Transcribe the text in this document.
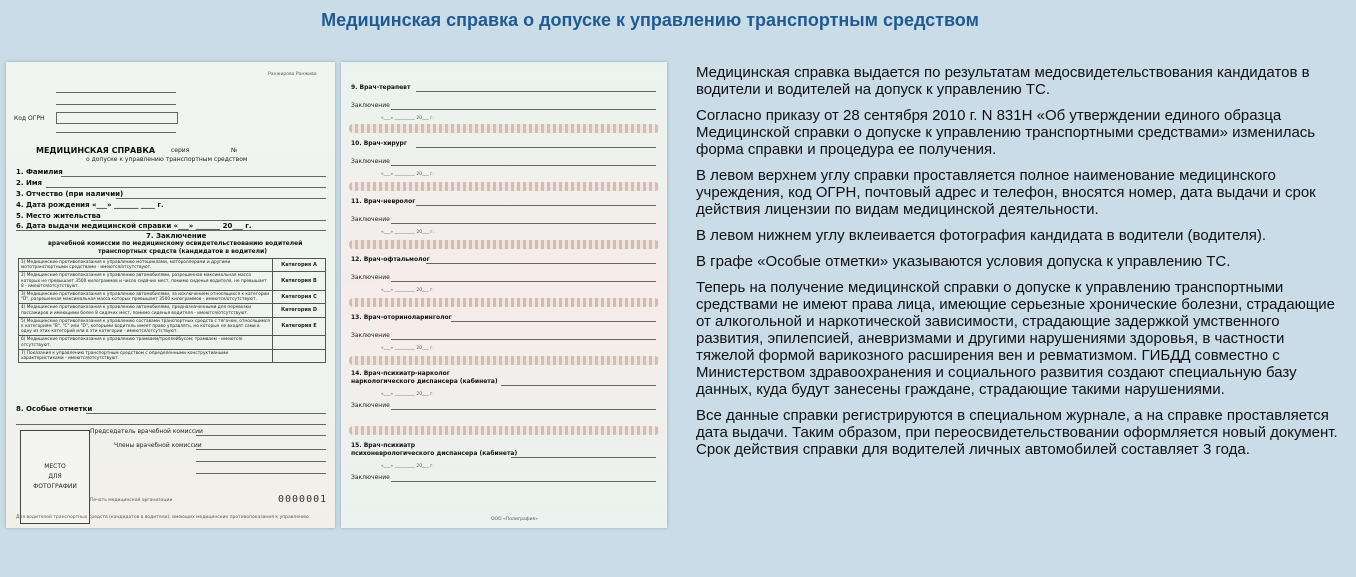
Медицинская справка о допуске к управлению транспортным средством
Ранжирова Ранжива
Код ОГРН
МЕДИЦИНСКАЯ СПРАВКА	серия	№
о допуске к управлению транспортным средством
1. Фамилия
2. Имя
3. Отчество (при наличии)
4. Дата рождения «___» _______ ____ г.
5. Место жительства
6. Дата выдачи медицинской справки «___» _______ 20___ г.
7. Заключение
врачебной комиссии по медицинскому освидетельствованию водителей
транспортных средств (кандидатов в водители)
1) Медицинские противопоказания к управлению мотоциклами, мотороллерами и другими мототранспортными средствами - имеются/отсутствуют.	Категория А
2) Медицинские противопоказания к управлению автомобилями, разрешенная максимальная масса которых не превышает 3500 килограммов и число сидячих мест, помимо сиденья водителя, не превышает 8 - имеются/отсутствуют.	Категория В
3) Медицинские противопоказания к управлению автомобилями, за исключением относящихся к категории "D", разрешенная максимальная масса которых превышает 3500 килограммов - имеются/отсутствуют.	Категория С
4) Медицинские противопоказания к управлению автомобилями, предназначенными для перевозки пассажиров и имеющими более 8 сидячих мест, помимо сиденья водителя - имеются/отсутствуют.	Категория D
5) Медицинские противопоказания к управлению составами транспортных средств с тягачом, относящимся к категориям "В", "С" или "D", которыми водитель имеет право управлять, но которые не входят сами в одну из этих категорий или в эти категории - имеются/отсутствуют.	Категория Е
6) Медицинские противопоказания к управлению трамваем/троллейбусом; трамваем - имеются/отсутствуют.	
7) Показания к управлению транспортным средством с определенными конструктивными характеристиками - имеются/отсутствуют.	
8. Особые отметки
Председатель врачебной комиссии
Члены врачебной комиссии
МЕСТО
ДЛЯ
ФОТОГРАФИИ
Печать медицинской организации	0000001
Для водителей транспортных средств (кандидатов в водители), имеющих медицинские противопоказания к управлению
9. Врач-терапевт
Заключение
«___» _________ 20___ г.
10. Врач-хирург
Заключение
«___» _________ 20___ г.
11. Врач-невролог
Заключение
«___» _________ 20___ г.
12. Врач-офтальмолог
Заключение
«___» _________ 20___ г.
13. Врач-оториноларинголог
Заключение
«___» _________ 20___ г.
14. Врач-психиатр-нарколог
наркологического диспансера (кабинета)
«___» _________ 20___ г.
Заключение
15. Врач-психиатр
психоневрологического диспансера (кабинета)
«___» _________ 20___ г.
Заключение
ООО «Полиграфия»

Медицинская справка выдается по результатам медосвидетельствования кандидатов в водители и водителей на допуск к управлению ТС.

Согласно приказу от 28 сентября 2010 г. N 831Н «Об утверждении единого образца Медицинской справки о допуске к управлению транспортными средствами» изменилась форма справки и процедура ее получения.

В левом верхнем углу справки проставляется полное наименование медицинского учреждения, код ОГРН, почтовый адрес и телефон, вносятся номер, дата выдачи и срок действия лицензии по видам медицинской деятельности.

В левом нижнем углу вклеивается фотография кандидата в водители (водителя).

В графе «Особые отметки» указываются условия допуска к управлению ТС.

Теперь на получение медицинской справки о допуске к управлению транспортными средствами не имеют права лица, имеющие серьезные хронические болезни, страдающие от алкогольной и наркотической зависимости, страдающие задержкой умственного развития, эпилепсией, аневризмами и другими нарушениями здоровья, в частности тяжелой формой варикозного расширения вен и ревматизмом. ГИБДД совместно с Министерством здравоохранения и социального развития создают специальную базу данных, куда будут занесены граждане, страдающие такими нарушениями.

Все данные справки регистрируются в специальном журнале, а на справке проставляется дата выдачи. Таким образом, при переосвидетельствовании оформляется новый документ. Срок действия справки для водителей личных автомобилей составляет 3 года.
